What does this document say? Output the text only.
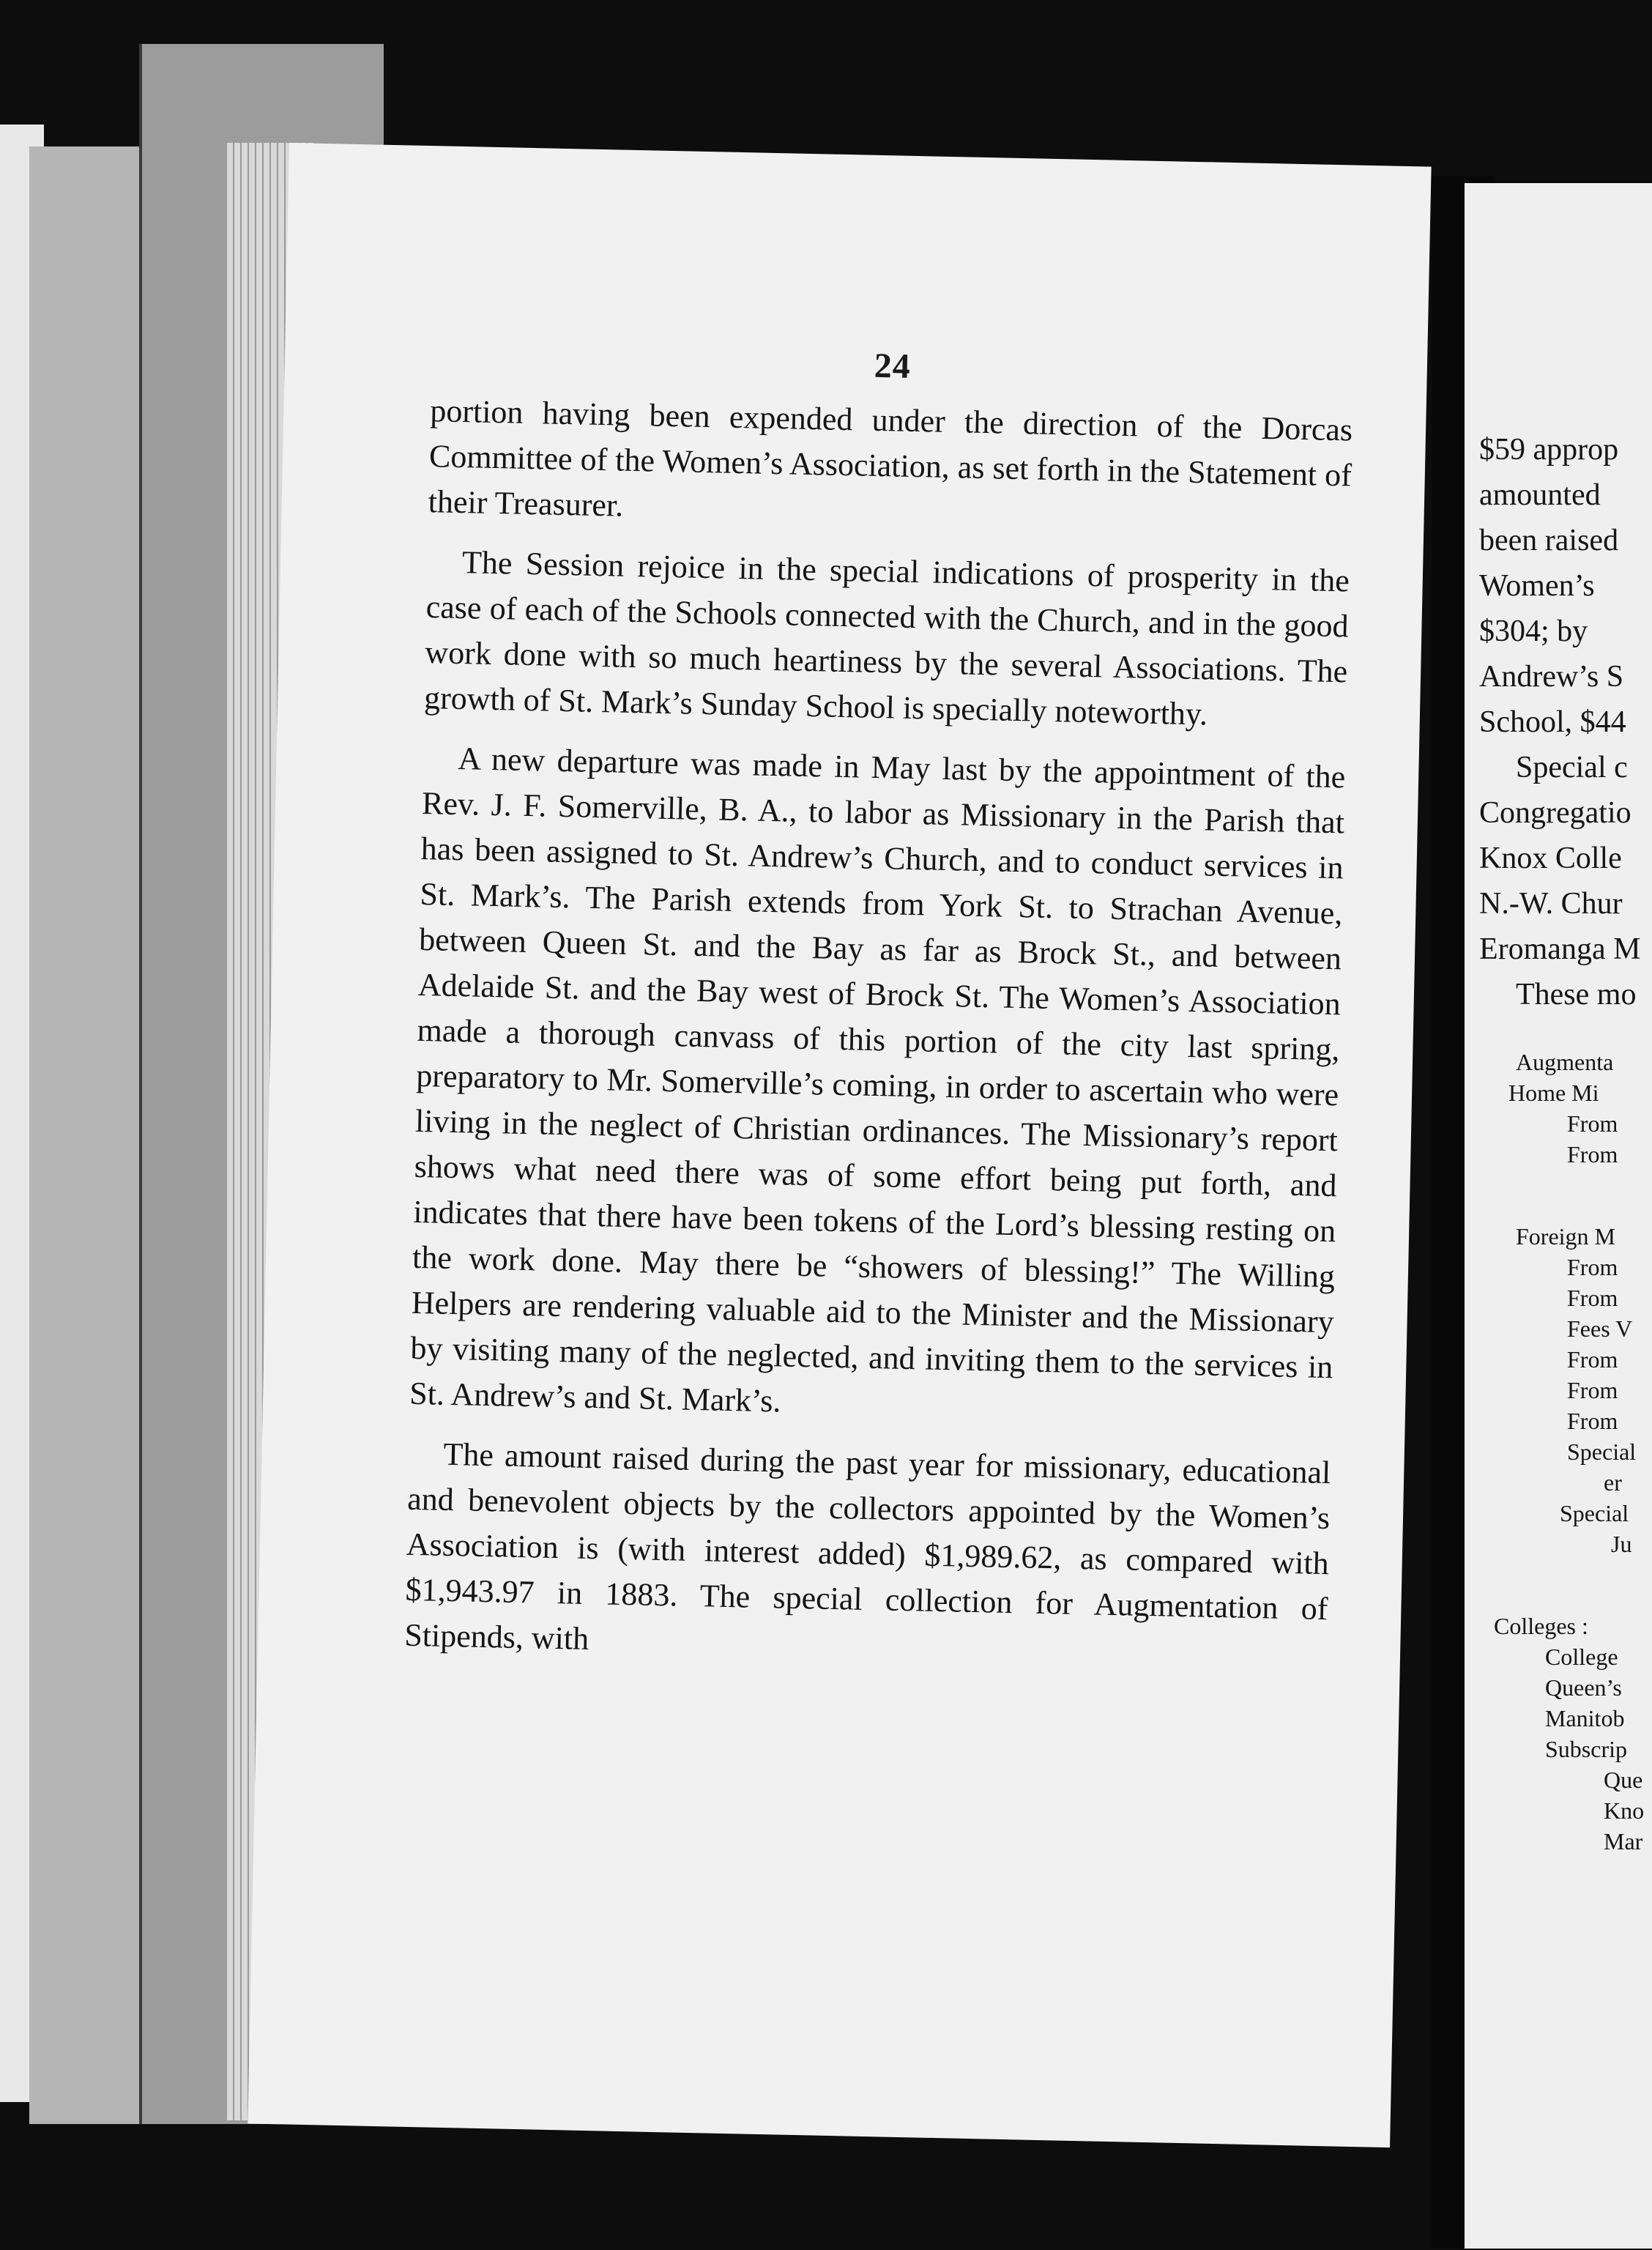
24

portion having been expended under the direction of the Dorcas Committee of the Women’s Association, as set forth in the Statement of their Treasurer.

The Session rejoice in the special indications of prosperity in the case of each of the Schools connected with the Church, and in the good work done with so much heartiness by the several Associations. The growth of St. Mark’s Sunday School is specially noteworthy.

A new departure was made in May last by the appointment of the Rev. J. F. Somerville, B. A., to labor as Missionary in the Parish that has been assigned to St. Andrew’s Church, and to conduct services in St. Mark’s. The Parish extends from York St. to Strachan Avenue, between Queen St. and the Bay as far as Brock St., and between Adelaide St. and the Bay west of Brock St. The Women’s Association made a thorough canvass of this portion of the city last spring, preparatory to Mr. Somerville’s coming, in order to ascertain who were living in the neglect of Christian ordinances. The Missionary’s report shows what need there was of some effort being put forth, and indicates that there have been tokens of the Lord’s blessing resting on the work done. May there be “showers of blessing!” The Willing Helpers are rendering valuable aid to the Minister and the Missionary by visiting many of the neglected, and inviting them to the services in St. Andrew’s and St. Mark’s.

The amount raised during the past year for missionary, educational and benevolent objects by the collectors appointed by the Women’s Association is (with interest added) $1,989.62, as compared with $1,943.97 in 1883. The special collection for Augmentation of Stipends, with

$59 approp
amounted
been raised
Women’s
$304; by
Andrew’s S
School, $44
Special c
Congregatio
Knox Colle
N.-W. Chur
Eromanga M
These mo
Augmenta
Home Mi
From
From
Foreign M
From
From
Fees V
From
From
From
Special
er
Special
Ju
Colleges :
College
Queen’s
Manitob
Subscrip
Que
Kno
Mar
